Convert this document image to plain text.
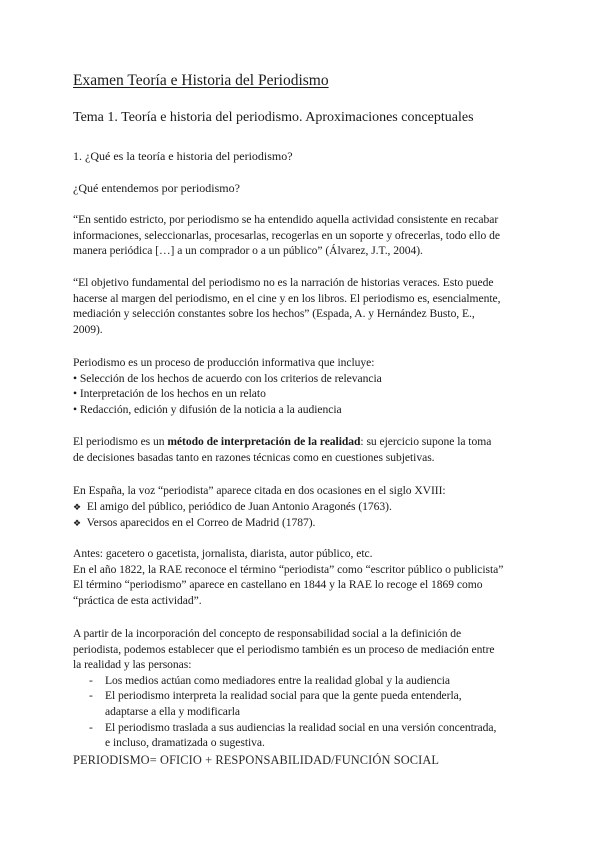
Examen Teoría e Historia del Periodismo
Tema 1. Teoría e historia del periodismo. Aproximaciones conceptuales
1. ¿Qué es la teoría e historia del periodismo?
¿Qué entendemos por periodismo?
“En sentido estricto, por periodismo se ha entendido aquella actividad consistente en recabar
informaciones, seleccionarlas, procesarlas, recogerlas en un soporte y ofrecerlas, todo ello de
manera periódica […] a un comprador o a un público” (Álvarez, J.T., 2004).
“El objetivo fundamental del periodismo no es la narración de historias veraces. Esto puede
hacerse al margen del periodismo, en el cine y en los libros. El periodismo es, esencialmente,
mediación y selección constantes sobre los hechos” (Espada, A. y Hernández Busto, E.,
2009).
Periodismo es un proceso de producción informativa que incluye:
• Selección de los hechos de acuerdo con los criterios de relevancia
• Interpretación de los hechos en un relato
• Redacción, edición y difusión de la noticia a la audiencia
El periodismo es un método de interpretación de la realidad: su ejercicio supone la toma
de decisiones basadas tanto en razones técnicas como en cuestiones subjetivas.
En España, la voz “periodista” aparece citada en dos ocasiones en el siglo XVIII:
❖ El amigo del público, periódico de Juan Antonio Aragonés (1763).
❖ Versos aparecidos en el Correo de Madrid (1787).
Antes: gacetero o gacetista, jornalista, diarista, autor público, etc.
En el año 1822, la RAE reconoce el término “periodista” como “escritor público o publicista”
El término “periodismo” aparece en castellano en 1844 y la RAE lo recoge el 1869 como
“práctica de esta actividad”.
A partir de la incorporación del concepto de responsabilidad social a la definición de
periodista, podemos establecer que el periodismo también es un proceso de mediación entre
la realidad y las personas:
- Los medios actúan como mediadores entre la realidad global y la audiencia
- El periodismo interpreta la realidad social para que la gente pueda entenderla,
adaptarse a ella y modificarla
- El periodismo traslada a sus audiencias la realidad social en una versión concentrada,
e incluso, dramatizada o sugestiva.
PERIODISMO= OFICIO + RESPONSABILIDAD/FUNCIÓN SOCIAL
